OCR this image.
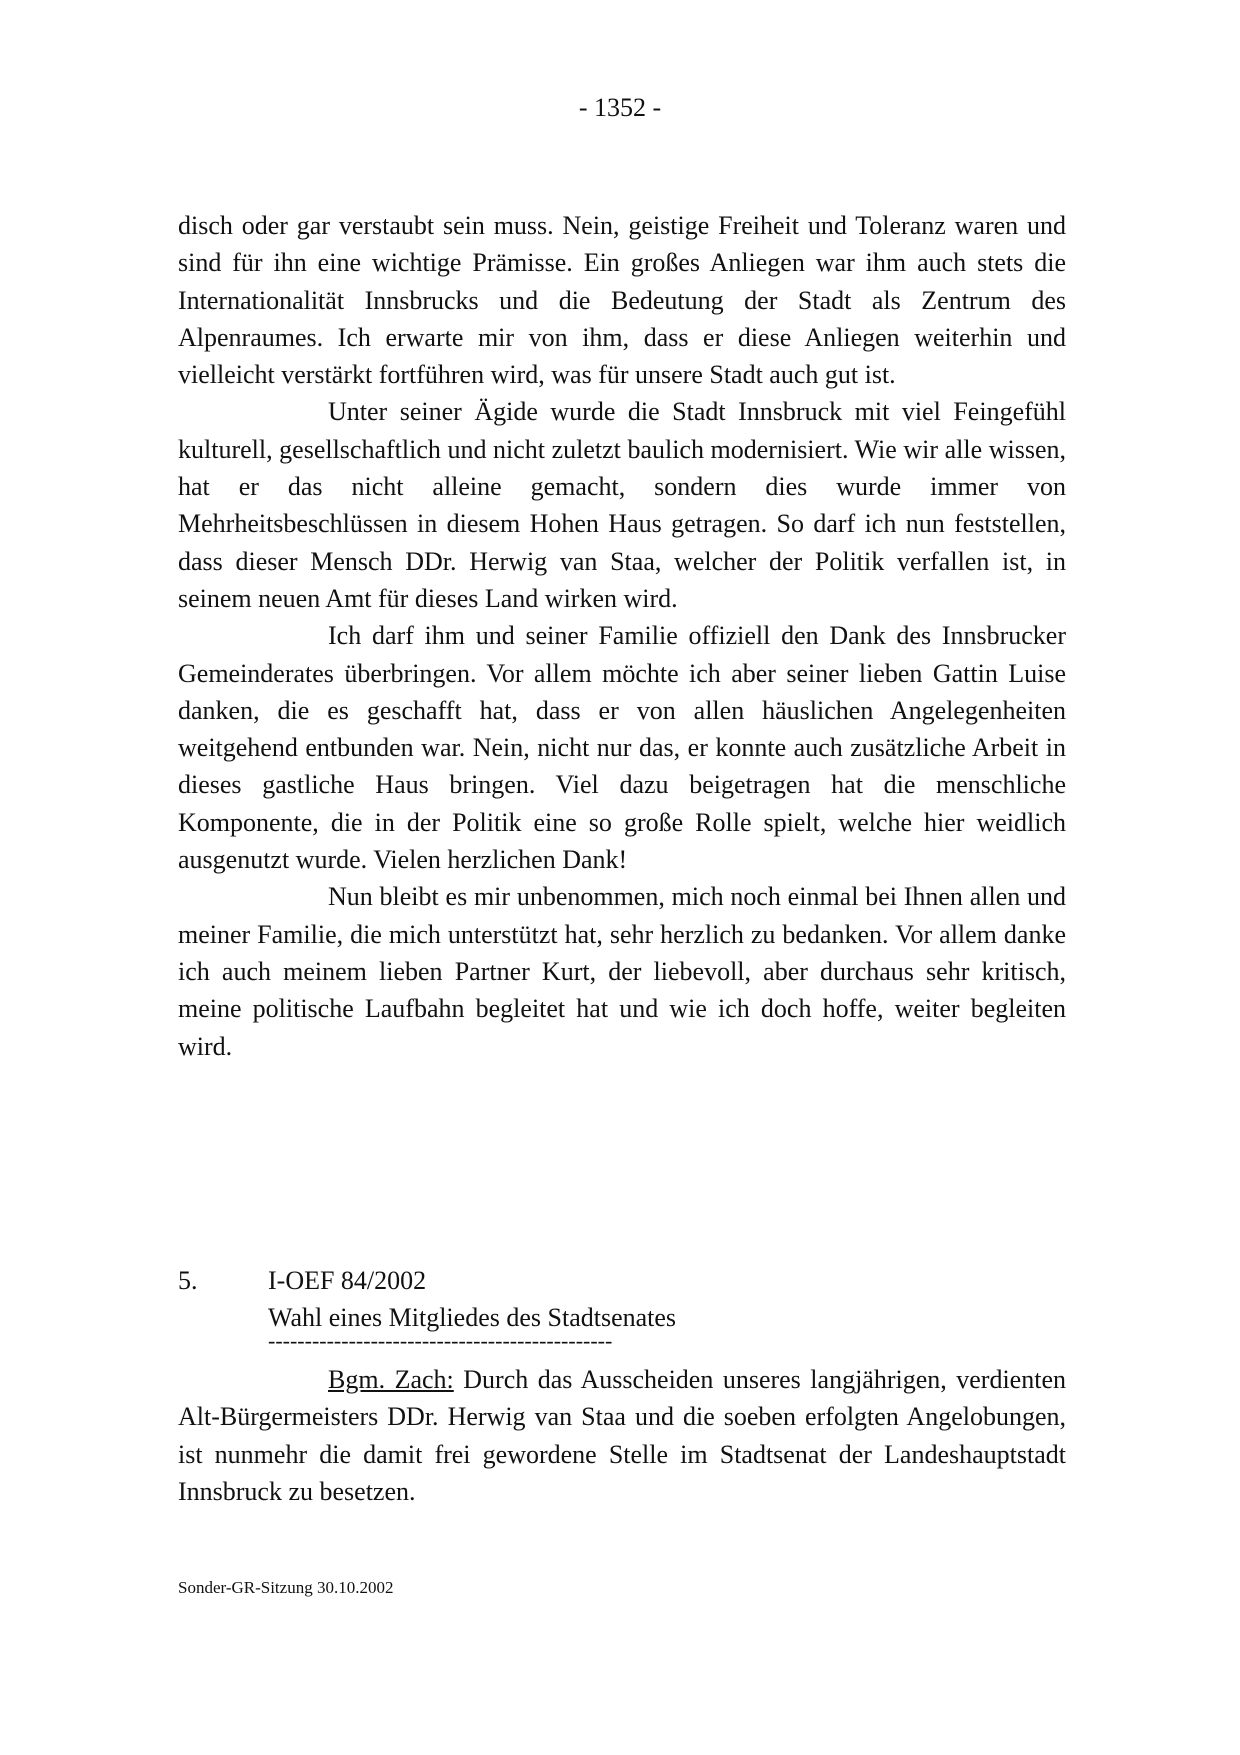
- 1352 -

disch oder gar verstaubt sein muss. Nein, geistige Freiheit und Toleranz waren und sind für ihn eine wichtige Prämisse. Ein großes Anliegen war ihm auch stets die Internationalität Innsbrucks und die Bedeutung der Stadt als Zentrum des Alpenraumes. Ich erwarte mir von ihm, dass er diese Anliegen weiterhin und vielleicht verstärkt fortführen wird, was für unsere Stadt auch gut ist.

Unter seiner Ägide wurde die Stadt Innsbruck mit viel Feingefühl kulturell, gesellschaftlich und nicht zuletzt baulich modernisiert. Wie wir alle wissen, hat er das nicht alleine gemacht, sondern dies wurde immer von Mehrheitsbeschlüssen in diesem Hohen Haus getragen. So darf ich nun feststellen, dass dieser Mensch DDr. Herwig van Staa, welcher der Politik verfallen ist, in seinem neuen Amt für dieses Land wirken wird.

Ich darf ihm und seiner Familie offiziell den Dank des Innsbrucker Gemeinderates überbringen. Vor allem möchte ich aber seiner lieben Gattin Luise danken, die es geschafft hat, dass er von allen häuslichen Angelegenheiten weitgehend entbunden war. Nein, nicht nur das, er konnte auch zusätzliche Arbeit in dieses gastliche Haus bringen. Viel dazu beigetragen hat die menschliche Komponente, die in der Politik eine so große Rolle spielt, welche hier weidlich ausgenutzt wurde. Vielen herzlichen Dank!

Nun bleibt es mir unbenommen, mich noch einmal bei Ihnen allen und meiner Familie, die mich unterstützt hat, sehr herzlich zu bedanken. Vor allem danke ich auch meinem lieben Partner Kurt, der liebevoll, aber durchaus sehr kritisch, meine politische Laufbahn begleitet hat und wie ich doch hoffe, weiter begleiten wird.

5.	I-OEF 84/2002
Wahl eines Mitgliedes des Stadtsenates
-----------------------------------------------

Bgm. Zach: Durch das Ausscheiden unseres langjährigen, verdienten Alt-Bürgermeisters DDr. Herwig van Staa und die soeben erfolgten Angelobungen, ist nunmehr die damit frei gewordene Stelle im Stadtsenat der Landeshauptstadt Innsbruck zu besetzen.

Sonder-GR-Sitzung 30.10.2002
